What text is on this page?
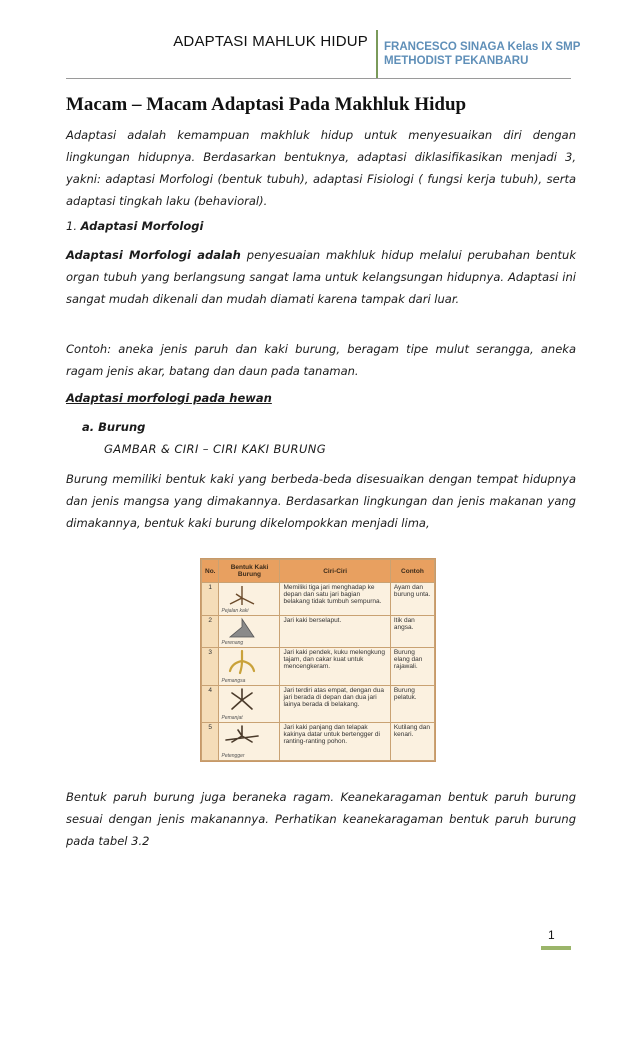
ADAPTASI MAHLUK HIDUP FRANCESCO SINAGA Kelas IX SMP
METHODIST PEKANBARU
Macam – Macam Adaptasi Pada Makhluk Hidup
Adaptasi adalah kemampuan makhluk hidup untuk menyesuaikan diri dengan lingkungan hidupnya. Berdasarkan bentuknya, adaptasi diklasifikasikan menjadi 3, yakni: adaptasi Morfologi (bentuk tubuh), adaptasi Fisiologi ( fungsi kerja tubuh), serta adaptasi tingkah laku (behavioral).
1. Adaptasi Morfologi
Adaptasi Morfologi adalah penyesuaian makhluk hidup melalui perubahan bentuk organ tubuh yang berlangsung sangat lama untuk kelangsungan hidupnya. Adaptasi ini sangat mudah dikenali dan mudah diamati karena tampak dari luar.
Contoh: aneka jenis paruh dan kaki burung, beragam tipe mulut serangga, aneka ragam jenis akar, batang dan daun pada tanaman.
Adaptasi morfologi pada hewan
a. Burung
GAMBAR & CIRI – CIRI KAKI BURUNG
Burung memiliki bentuk kaki yang berbeda-beda disesuaikan dengan tempat hidupnya dan jenis mangsa yang dimakannya. Berdasarkan lingkungan dan jenis makanan yang dimakannya, bentuk kaki burung dikelompokkan menjadi lima,
No.	Bentuk Kaki Burung	Ciri-Ciri	Contoh
1	Pejalan kaki	Memiliki tiga jari menghadap ke depan dan satu jari bagian belakang tidak tumbuh sempurna.	Ayam dan burung unta.
2	Perenang	Jari kaki berselaput.	Itik dan angsa.
3	Pemangsa	Jari kaki pendek, kuku melengkung tajam, dan cakar kuat untuk mencengkeram.	Burung elang dan rajawali.
4	Pemanjat	Jari terdiri atas empat, dengan dua jari berada di depan dan dua jari lainya berada di belakang.	Burung pelatuk.
5	Petengger	Jari kaki panjang dan telapak kakinya datar untuk bertengger di ranting-ranting pohon.	Kutilang dan kenari.
Bentuk paruh burung juga beraneka ragam. Keanekaragaman bentuk paruh burung sesuai dengan jenis makanannya. Perhatikan keanekaragaman bentuk paruh burung pada tabel 3.2
1
